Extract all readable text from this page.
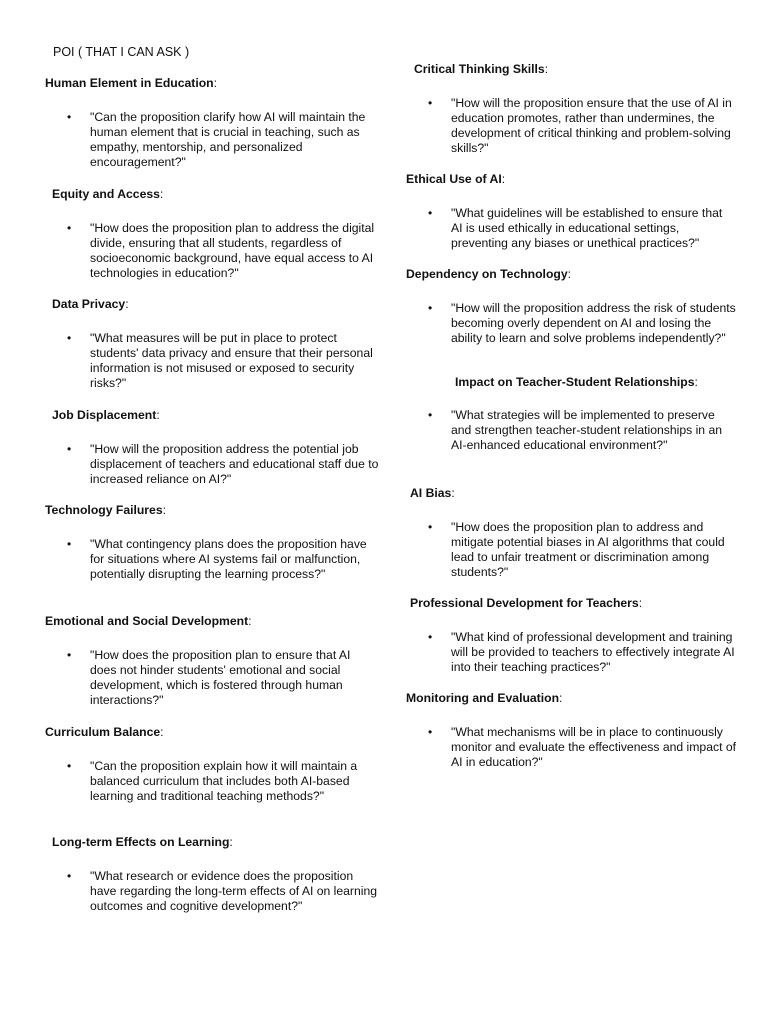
POI ( THAT I CAN ASK )
Human Element in Education:
• "Can the proposition clarify how AI will maintain the human element that is crucial in teaching, such as empathy, mentorship, and personalized encouragement?"
Equity and Access:
• "How does the proposition plan to address the digital divide, ensuring that all students, regardless of socioeconomic background, have equal access to AI technologies in education?"
Data Privacy:
• "What measures will be put in place to protect students' data privacy and ensure that their personal information is not misused or exposed to security risks?"
Job Displacement:
• "How will the proposition address the potential job displacement of teachers and educational staff due to increased reliance on AI?"
Technology Failures:
• "What contingency plans does the proposition have for situations where AI systems fail or malfunction, potentially disrupting the learning process?"
Emotional and Social Development:
• "How does the proposition plan to ensure that AI does not hinder students' emotional and social development, which is fostered through human interactions?"
Curriculum Balance:
• "Can the proposition explain how it will maintain a balanced curriculum that includes both AI-based learning and traditional teaching methods?"
Long-term Effects on Learning:
• "What research or evidence does the proposition have regarding the long-term effects of AI on learning outcomes and cognitive development?"
Critical Thinking Skills:
• "How will the proposition ensure that the use of AI in education promotes, rather than undermines, the development of critical thinking and problem-solving skills?"
Ethical Use of AI:
• "What guidelines will be established to ensure that AI is used ethically in educational settings, preventing any biases or unethical practices?"
Dependency on Technology:
• "How will the proposition address the risk of students becoming overly dependent on AI and losing the ability to learn and solve problems independently?"
Impact on Teacher-Student Relationships:
• "What strategies will be implemented to preserve and strengthen teacher-student relationships in an AI-enhanced educational environment?"
AI Bias:
• "How does the proposition plan to address and mitigate potential biases in AI algorithms that could lead to unfair treatment or discrimination among students?"
Professional Development for Teachers:
• "What kind of professional development and training will be provided to teachers to effectively integrate AI into their teaching practices?"
Monitoring and Evaluation:
• "What mechanisms will be in place to continuously monitor and evaluate the effectiveness and impact of AI in education?"
